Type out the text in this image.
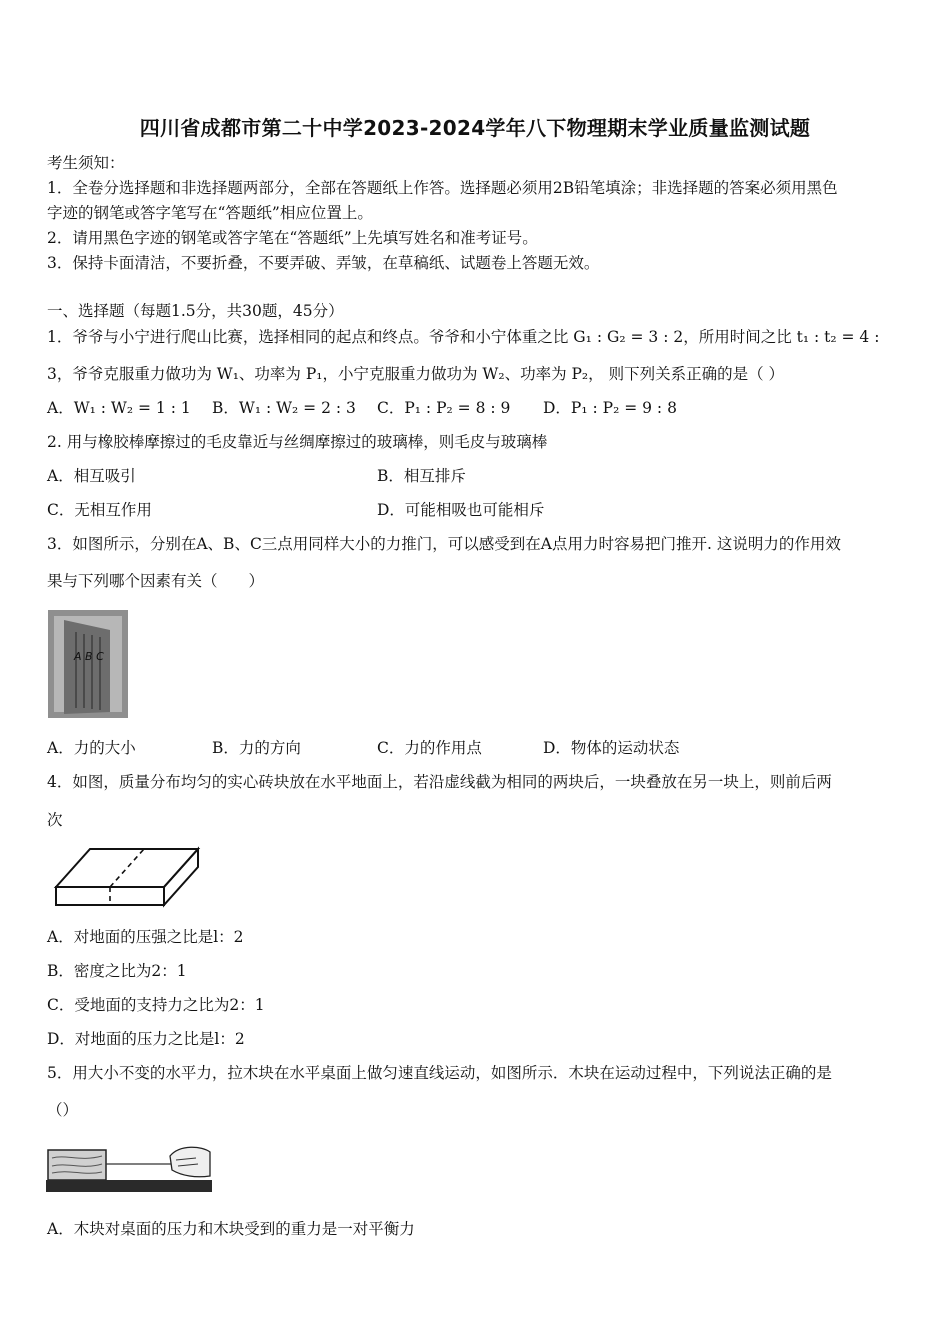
四川省成都市第二十中学2023-2024学年八下物理期末学业质量监测试题
考生须知：
1．全卷分选择题和非选择题两部分，全部在答题纸上作答。选择题必须用2B铅笔填涂；非选择题的答案必须用黑色
字迹的钢笔或答字笔写在“答题纸”相应位置上。
2．请用黑色字迹的钢笔或答字笔在“答题纸”上先填写姓名和准考证号。
3．保持卡面清洁，不要折叠，不要弄破、弄皱，在草稿纸、试题卷上答题无效。
一、选择题（每题1.5分，共30题，45分）
1．爷爷与小宁进行爬山比赛，选择相同的起点和终点。爷爷和小宁体重之比 G₁ : G₂ = 3 : 2，所用时间之比 t₁ : t₂ = 4 :
3，爷爷克服重力做功为 W₁、功率为 P₁，小宁克服重力做功为 W₂、功率为 P₂， 则下列关系正确的是（ ）
A．W₁ : W₂ = 1 : 1 B．W₁ : W₂ = 2 : 3 C．P₁ : P₂ = 8 : 9 D．P₁ : P₂ = 9 : 8
2. 用与橡胶棒摩擦过的毛皮靠近与丝绸摩擦过的玻璃棒，则毛皮与玻璃棒
A．相互吸引	B．相互排斥
C．无相互作用	D．可能相吸也可能相斥
3．如图所示，分别在A、B、C三点用同样大小的力推门，可以感受到在A点用力时容易把门推开. 这说明力的作用效
果与下列哪个因素有关（　　）
A B C
A．力的大小	B．力的方向	C．力的作用点	D．物体的运动状态
4．如图，质量分布均匀的实心砖块放在水平地面上，若沿虚线截为相同的两块后，一块叠放在另一块上，则前后两
次
A．对地面的压强之比是l：2
B．密度之比为2：1
C．受地面的支持力之比为2：1
D．对地面的压力之比是l：2
5．用大小不变的水平力，拉木块在水平桌面上做匀速直线运动，如图所示．木块在运动过程中，下列说法正确的是
（）
A．木块对桌面的压力和木块受到的重力是一对平衡力
